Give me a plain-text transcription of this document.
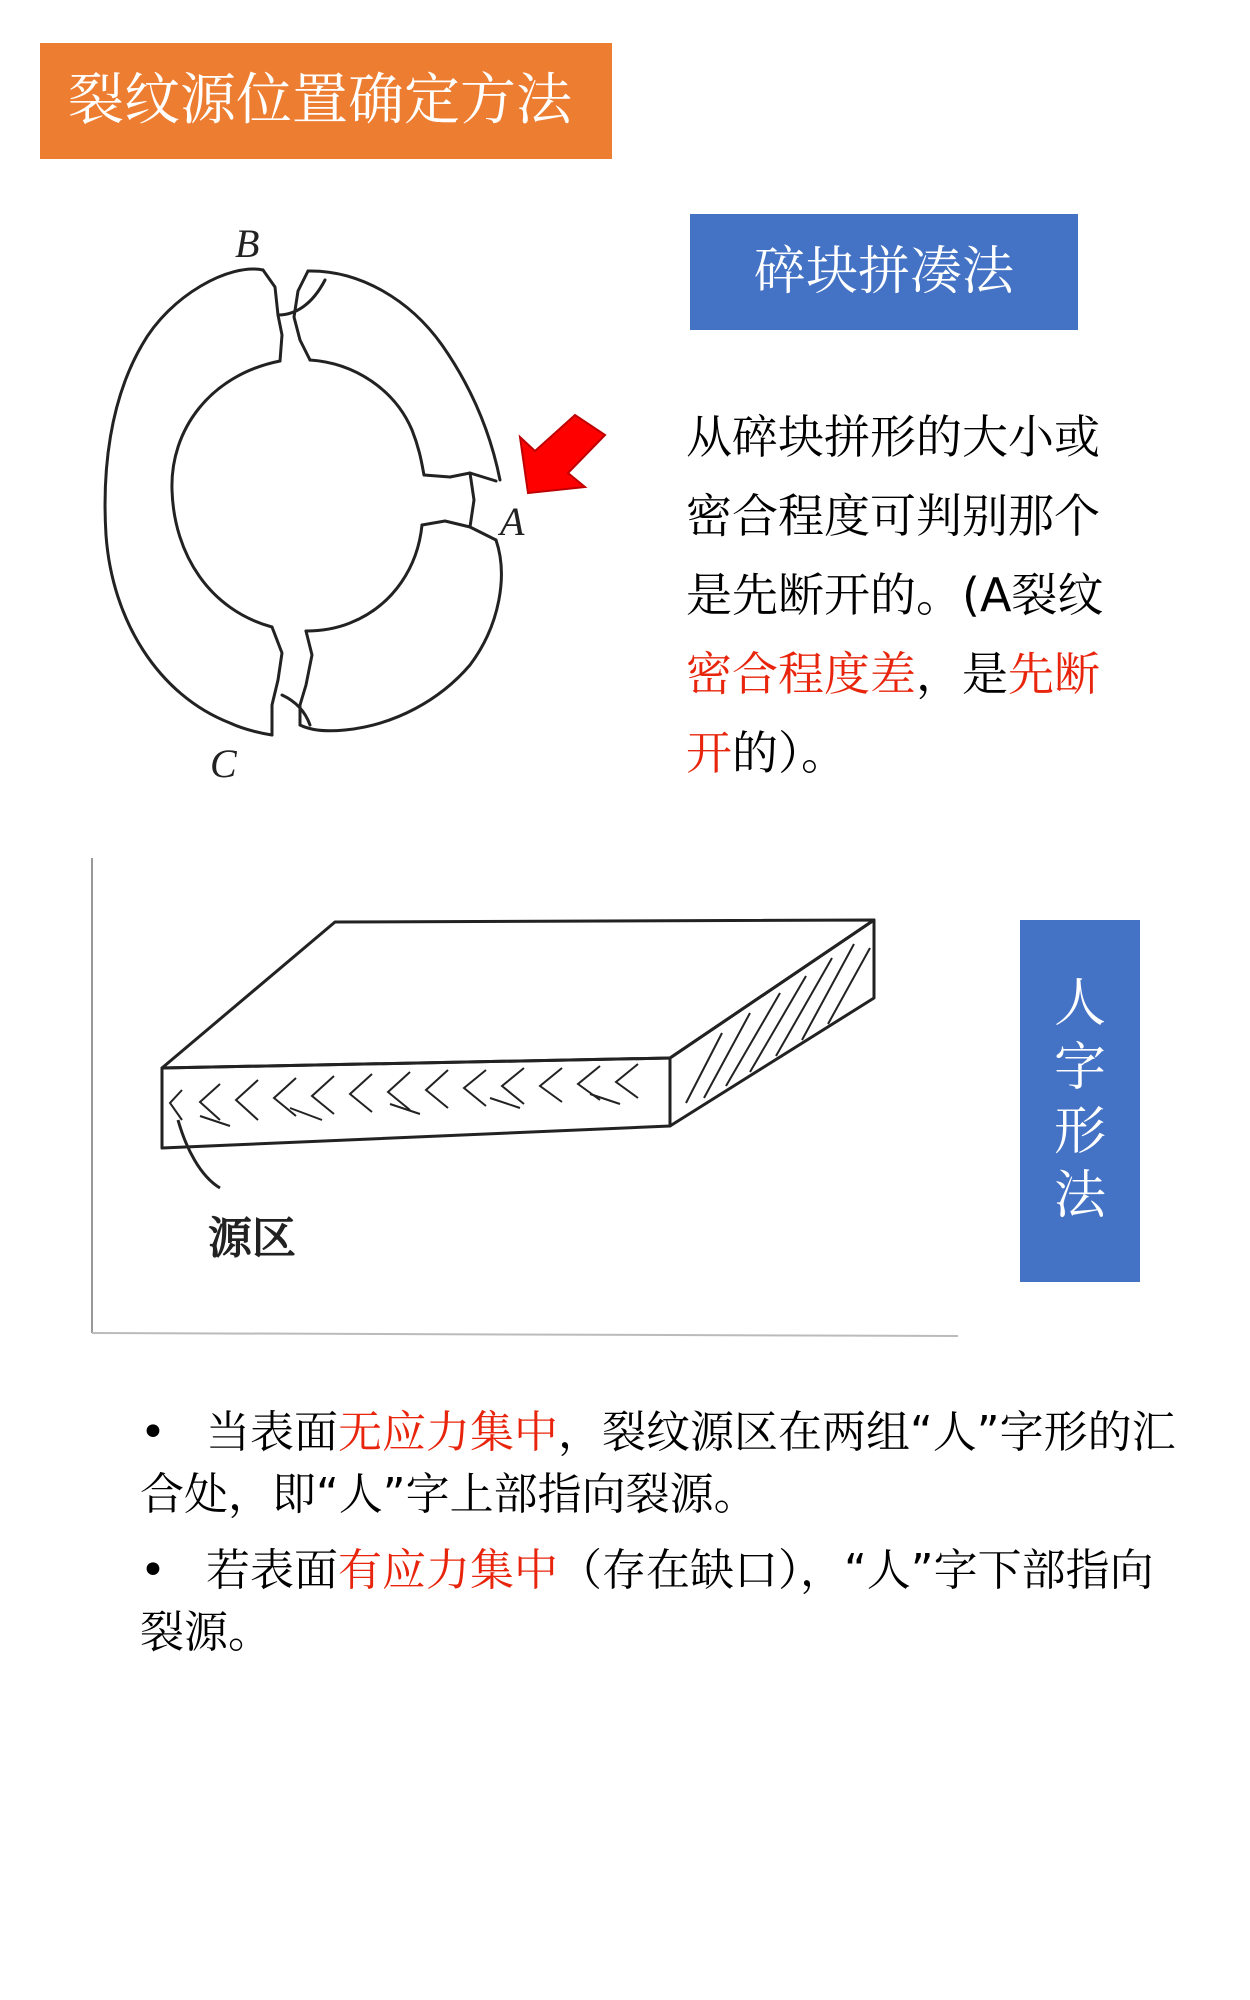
裂纹源位置确定方法
B
A
C
碎块拼凑法
从碎块拼形的大小或
密合程度可判别那个
是先断开的。(A裂纹
密合程度差，是先断
开的）。
源区
人
字
形
法
• 当表面无应力集中，裂纹源区在两组“人”字形的汇合处，即“人”字上部指向裂源。
• 若表面有应力集中（存在缺口），“人”字下部指向裂源。
